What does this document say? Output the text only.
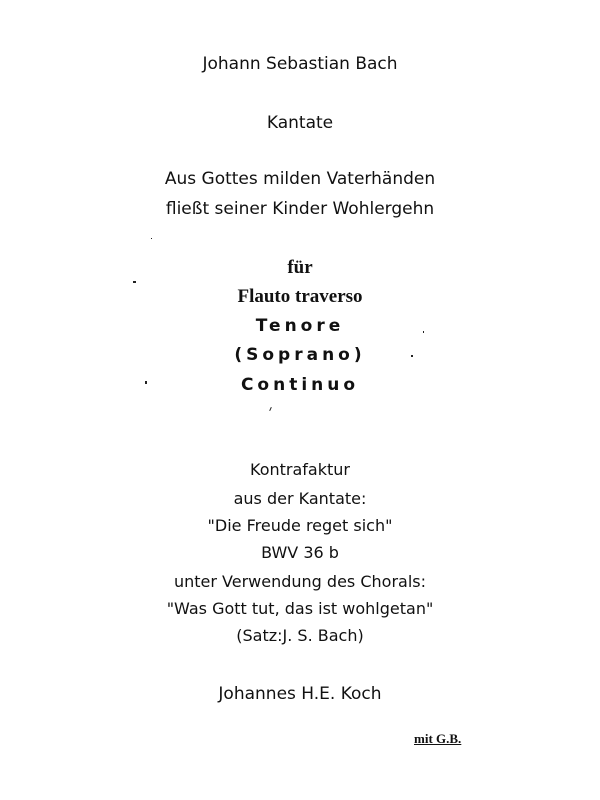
Johann Sebastian Bach
Kantate
Aus Gottes milden Vaterhänden
fließt seiner Kinder Wohlergehn
für
Flauto traverso
Tenore
(Soprano)
Continuo
Kontrafaktur
aus der Kantate:
"Die Freude reget sich"
BWV 36 b
unter Verwendung des Chorals:
"Was Gott tut, das ist wohlgetan"
(Satz:J. S. Bach)
Johannes H.E. Koch
mit G.B.
